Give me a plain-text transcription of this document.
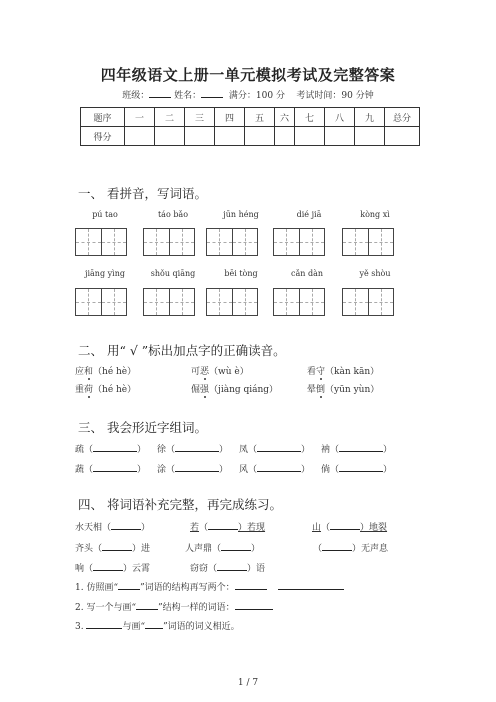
四年级语文上册一单元模拟考试及完整答案
班级：	姓名：	满分：100 分 考试时间：90 分钟
题序	一	二	三	四	五	六	七	八	九	总分
得分										
一、 看拼音，写词语。
pú tao	táo bǎo	jūn héng	dié jiā	kòng xì
jiāng yìng	shǒu qiāng	bēi tòng	cǎn dàn	yě shòu
二、 用“ √ ”标出加点字的正确读音。
应和（hé hè）	可恶（wù è）	看守（kàn kān）
重荷（hé hè）	倔强（jiàng qiáng）	晕倒（yūn yùn）
三、 我会形近字组词。
疏（	） 徐（	） 凤（	） 衲（	）
蔬（	） 涂（	） 风（	） 倘（	）
四、 将词语补充完整，再完成练习。
水天相（	）	若（	）若现	山（	）地裂
齐头（	）进	人声鼎（	）	（	）无声息
响（	）云霄	窃窃（	）语
1. 仿照画“ ”词语的结构再写两个：
2. 写一个与画“ ”结构一样的词语：
3.	与画“ ”词语的词义相近。
1 / 7
